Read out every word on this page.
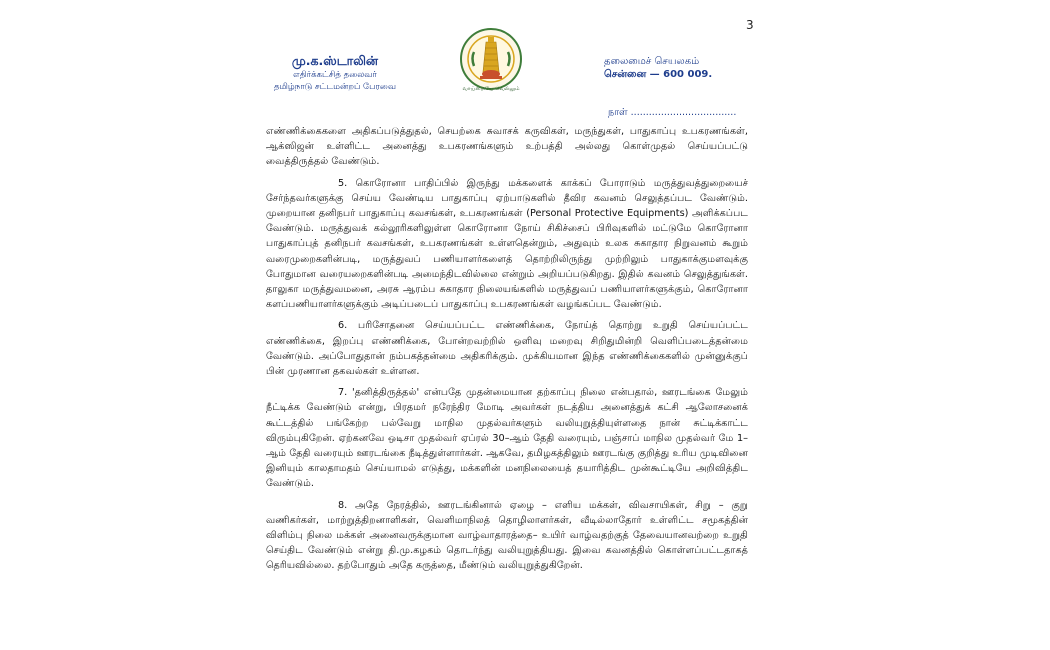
3
மு.க.ஸ்டாலின்
எதிர்க்கட்சித் தலைவர்
தமிழ்நாடு சட்டமன்றப் பேரவை	வாய்மையே வெல்லும்
தலைமைச் செயலகம்
சென்னை — 600 009.
நாள் ...................................

எண்ணிக்கைகளை அதிகப்படுத்துதல், செயற்கை சுவாசக் கருவிகள், மருந்துகள், பாதுகாப்பு உபகரணங்கள், ஆக்ஸிஜன் உள்ளிட்ட அனைத்து உபகரணங்களும் உற்பத்தி அல்லது கொள்முதல் செய்யப்பட்டு வைத்திருத்தல் வேண்டும்.

5. கொரோனா பாதிப்பில் இருந்து மக்களைக் காக்கப் போராடும் மருத்துவத்துறையைச் சேர்ந்தவர்களுக்கு செய்ய வேண்டிய பாதுகாப்பு ஏற்பாடுகளில் தீவிர கவனம் செலுத்தப்பட வேண்டும். முறையான தனிநபர் பாதுகாப்பு கவசங்கள், உபகரணங்கள் (Personal Protective Equipments) அளிக்கப்பட வேண்டும். மருத்துவக் கல்லூரிகளிலுள்ள கொரோனா நோய் சிகிச்சைப் பிரிவுகளில் மட்டுமே கொரோனா பாதுகாப்புத் தனிநபர் கவசங்கள், உபகரணங்கள் உள்ளதென்றும், அதுவும் உலக சுகாதார நிறுவனம் கூறும் வரைமுறைகளின்படி, மருத்துவப் பணியாளர்களைத் தொற்றிலிருந்து முற்றிலும் பாதுகாக்குமளவுக்கு போதுமான வரையறைகளின்படி அமைந்திடவில்லை என்றும் அறியப்படுகிறது. இதில் கவனம் செலுத்துங்கள். தாலுகா மருத்துவமனை, அரசு ஆரம்ப சுகாதார நிலையங்களில் மருத்துவப் பணியாளர்களுக்கும், கொரோனா களப்பணியாளர்களுக்கும் அடிப்படைப் பாதுகாப்பு உபகரணங்கள் வழங்கப்பட வேண்டும்.

6. பரிசோதனை செய்யப்பட்ட எண்ணிக்கை, நோய்த் தொற்று உறுதி செய்யப்பட்ட எண்ணிக்கை, இறப்பு எண்ணிக்கை, போன்றவற்றில் ஒளிவு மறைவு சிறிதுமின்றி வெளிப்படைத்தன்மை வேண்டும். அப்போதுதான் நம்பகத்தன்மை அதிகரிக்கும். முக்கியமான இந்த எண்ணிக்கைகளில் முன்னுக்குப் பின் முரணான தகவல்கள் உள்ளன.

7. 'தனித்திருத்தல்' என்பதே முதன்மையான தற்காப்பு நிலை என்பதால், ஊரடங்கை மேலும் நீட்டிக்க வேண்டும் என்று, பிரதமர் நரேந்திர மோடி அவர்கள் நடத்திய அனைத்துக் கட்சி ஆலோசனைக் கூட்டத்தில் பங்கேற்ற பல்வேறு மாநில முதல்வர்களும் வலியுறுத்தியுள்ளதை நான் சுட்டிக்காட்ட விரும்புகிறேன். ஏற்கனவே ஒடிசா முதல்வர் ஏப்ரல் 30–ஆம் தேதி வரையும், பஞ்சாப் மாநில முதல்வர் மே 1–ஆம் தேதி வரையும் ஊரடங்கை நீடித்துள்ளார்கள். ஆகவே, தமிழகத்திலும் ஊரடங்கு குறித்து உரிய முடிவினை இனியும் காலதாமதம் செய்யாமல் எடுத்து, மக்களின் மனநிலையைத் தயாரித்திட முன்கூட்டியே அறிவித்திட வேண்டும்.

8. அதே நேரத்தில், ஊரடங்கினால் ஏழை – எளிய மக்கள், விவசாயிகள், சிறு – குறு வணிகர்கள், மாற்றுத்திறனாளிகள், வெளிமாநிலத் தொழிலாளர்கள், வீடில்லாதோர் உள்ளிட்ட சமூகத்தின் விளிம்பு நிலை மக்கள் அனைவருக்குமான வாழ்வாதாரத்தை– உயிர் வாழ்வதற்குத் தேவையானவற்றை உறுதி செய்திட வேண்டும் என்று தி.மு.கழகம் தொடர்ந்து வலியுறுத்தியது. இவை கவனத்தில் கொள்ளப்பட்டதாகத் தெரியவில்லை. தற்போதும் அதே கருத்தை, மீண்டும் வலியுறுத்துகிறேன்.
